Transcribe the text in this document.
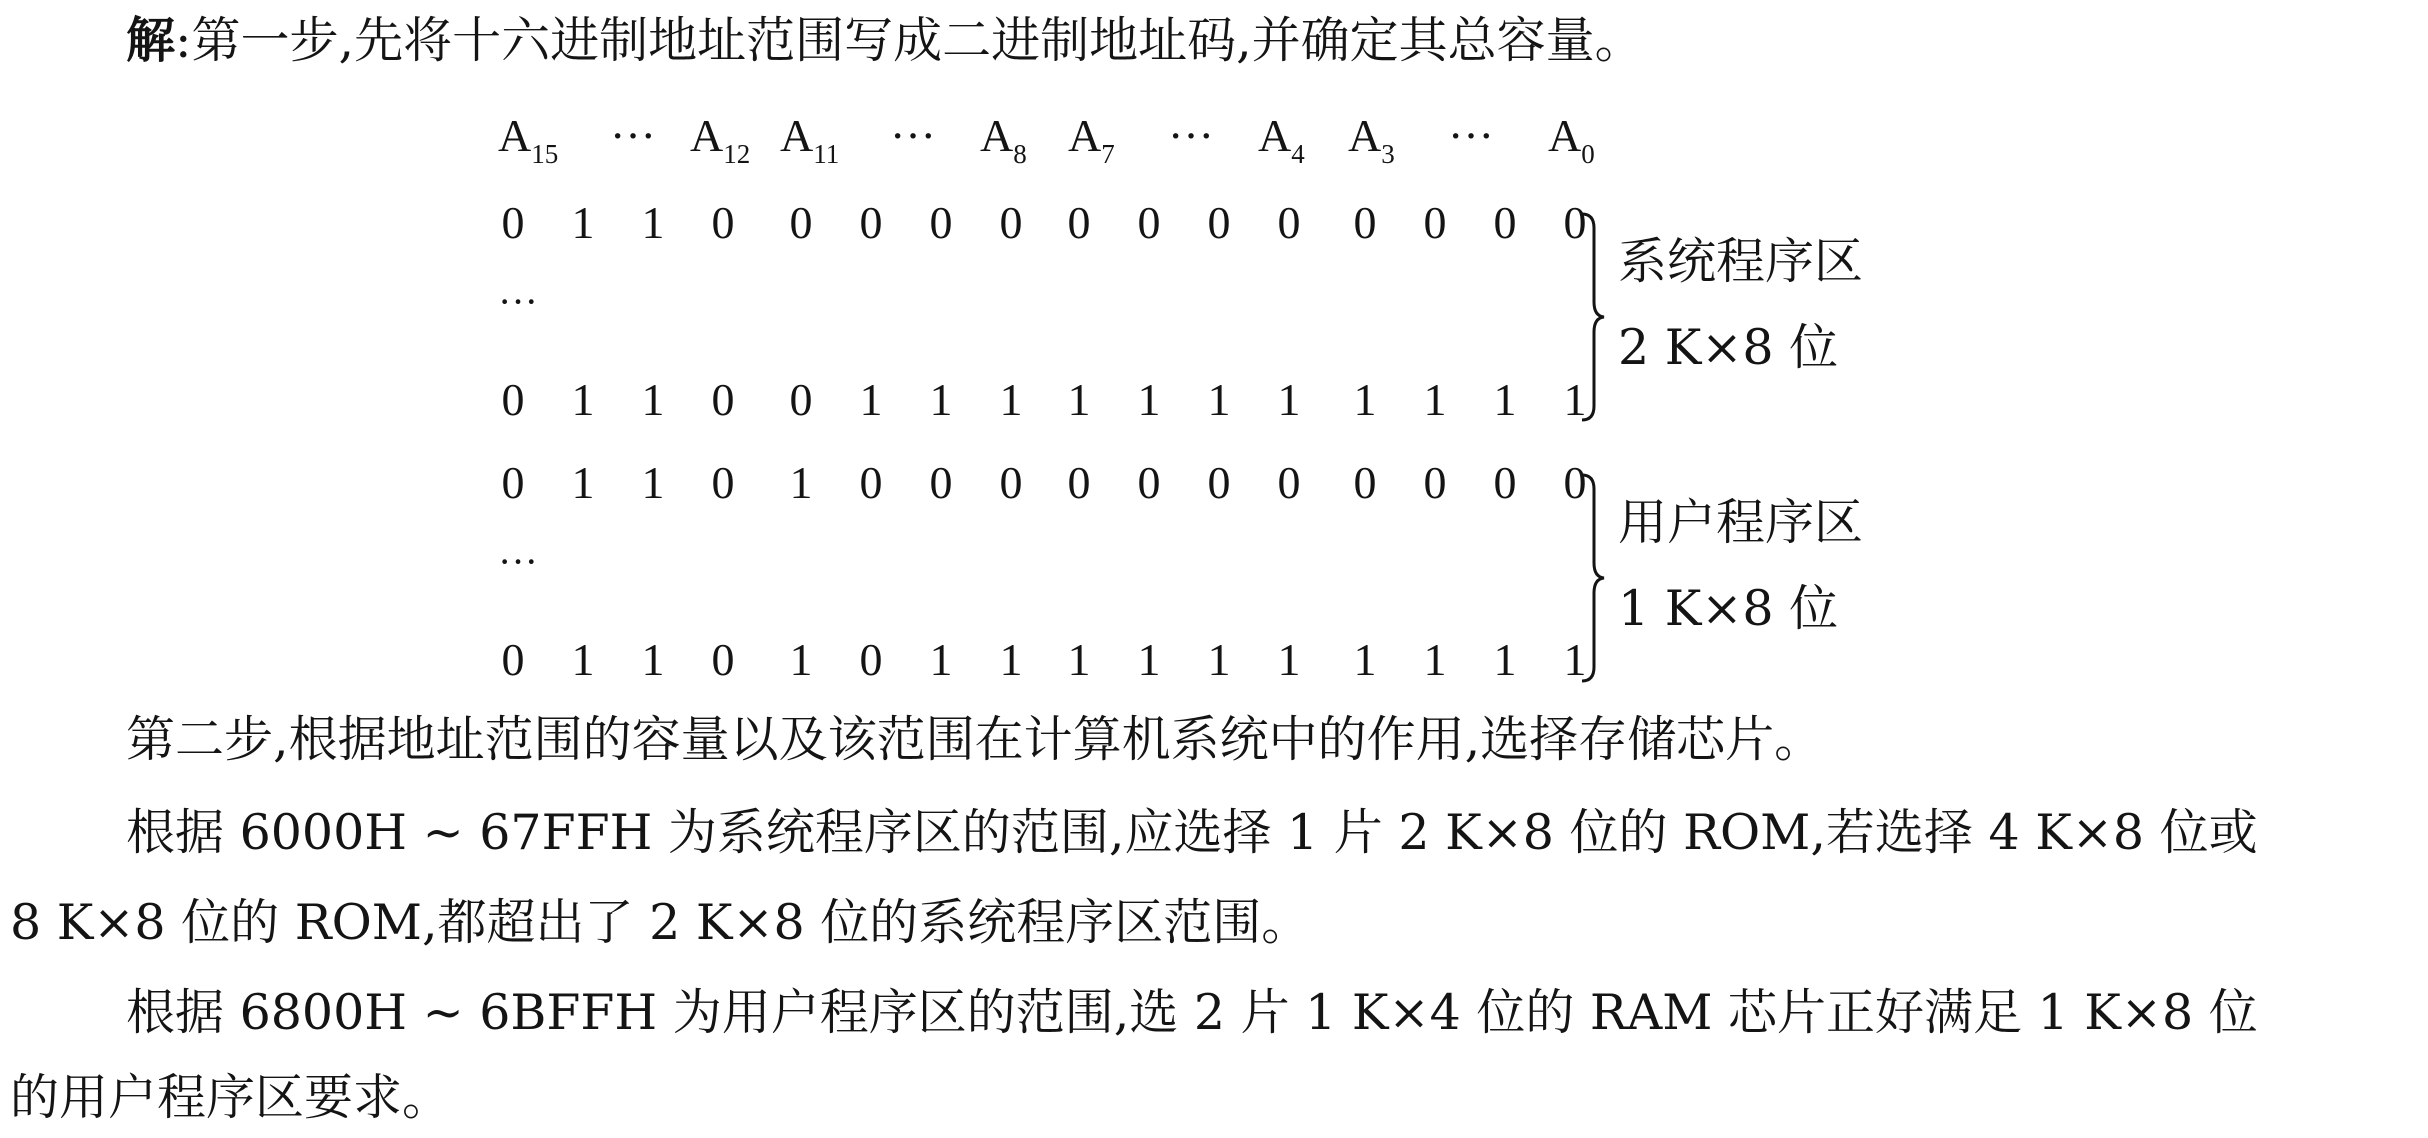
解:第一步,先将十六进制地址范围写成二进制地址码,并确定其总容量。
$A_{15}$ ··· $A_{12}$ $A_{11}$ ··· $A_8$ $A_7$ ··· $A_4$ $A_3$ ··· $A_0$
0 1 1 0 0 0 0 0 0 0 0 0 0 0 0 0
···
0 1 1 0 0 1 1 1 1 1 1 1 1 1 1 1
0 1 1 0 1 0 0 0 0 0 0 0 0 0 0 0
···
0 1 1 0 1 0 1 1 1 1 1 1 1 1 1 1
系统程序区
2 K×8 位
用户程序区
1 K×8 位
第二步,根据地址范围的容量以及该范围在计算机系统中的作用,选择存储芯片。
根据 6000H ~ 67FFH 为系统程序区的范围,应选择 1 片 2 K×8 位的 ROM,若选择 4 K×8 位或
8 K×8 位的 ROM,都超出了 2 K×8 位的系统程序区范围。
根据 6800H ~ 6BFFH 为用户程序区的范围,选 2 片 1 K×4 位的 RAM 芯片正好满足 1 K×8 位
的用户程序区要求。
